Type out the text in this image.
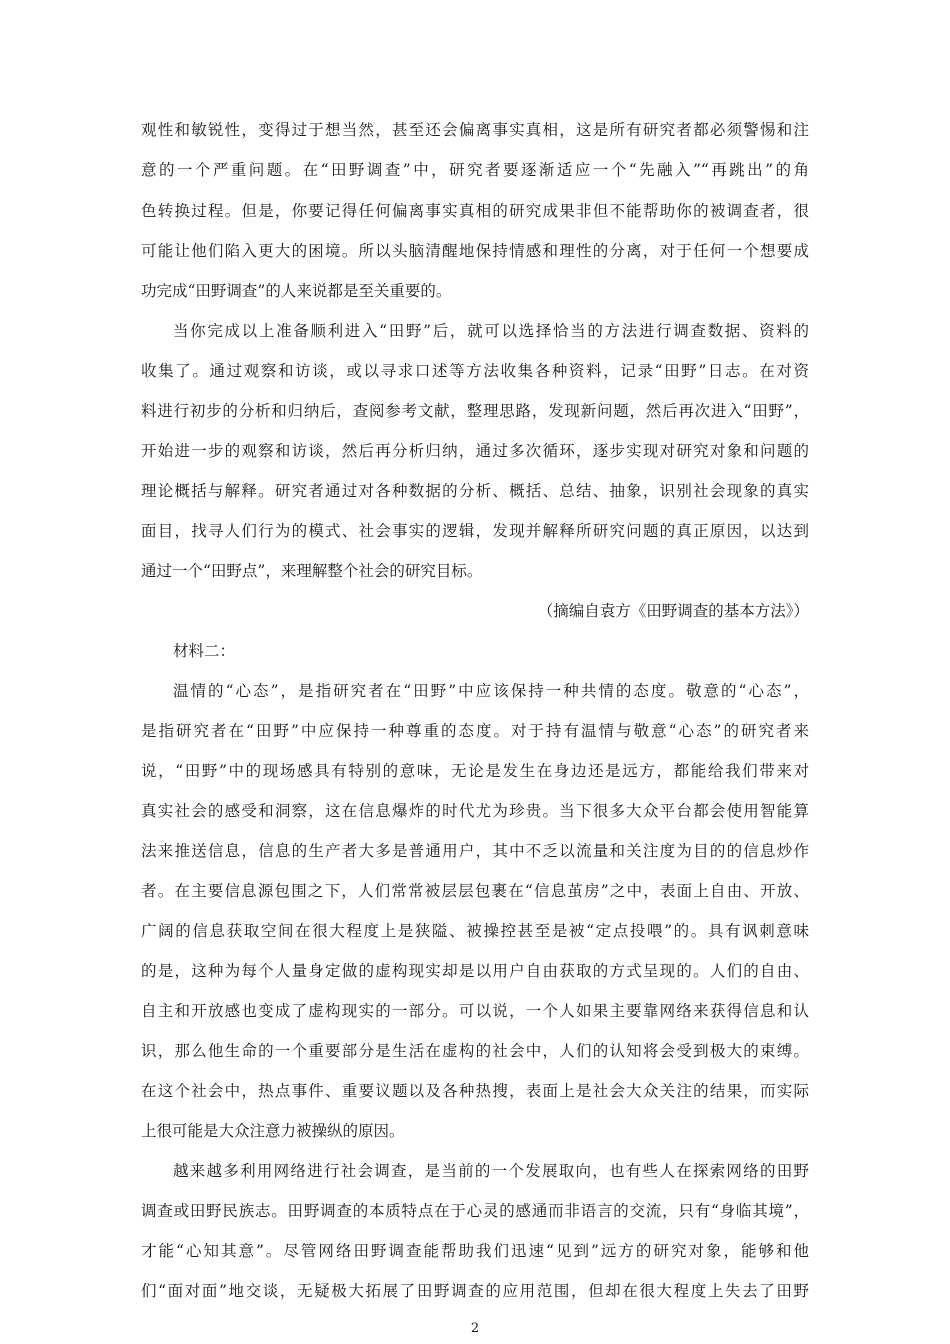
观性和敏锐性，变得过于想当然，甚至还会偏离事实真相，这是所有研究者都必须警惕和注
意的一个严重问题。在“田野调查”中，研究者要逐渐适应一个“先融入”“再跳出”的角
色转换过程。但是，你要记得任何偏离事实真相的研究成果非但不能帮助你的被调查者，很
可能让他们陷入更大的困境。所以头脑清醒地保持情感和理性的分离，对于任何一个想要成
功完成“田野调查”的人来说都是至关重要的。
当你完成以上准备顺利进入“田野”后，就可以选择恰当的方法进行调查数据、资料的
收集了。通过观察和访谈，或以寻求口述等方法收集各种资料，记录“田野”日志。在对资
料进行初步的分析和归纳后，查阅参考文献，整理思路，发现新问题，然后再次进入“田野”，
开始进一步的观察和访谈，然后再分析归纳，通过多次循环，逐步实现对研究对象和问题的
理论概括与解释。研究者通过对各种数据的分析、概括、总结、抽象，识别社会现象的真实
面目，找寻人们行为的模式、社会事实的逻辑，发现并解释所研究问题的真正原因，以达到
通过一个“田野点”，来理解整个社会的研究目标。
（摘编自袁方《田野调查的基本方法》）
材料二：
温情的“心态”，是指研究者在“田野”中应该保持一种共情的态度。敬意的“心态”，
是指研究者在“田野”中应保持一种尊重的态度。对于持有温情与敬意“心态”的研究者来
说，“田野”中的现场感具有特别的意味，无论是发生在身边还是远方，都能给我们带来对
真实社会的感受和洞察，这在信息爆炸的时代尤为珍贵。当下很多大众平台都会使用智能算
法来推送信息，信息的生产者大多是普通用户，其中不乏以流量和关注度为目的的信息炒作
者。在主要信息源包围之下，人们常常被层层包裹在“信息茧房”之中，表面上自由、开放、
广阔的信息获取空间在很大程度上是狭隘、被操控甚至是被“定点投喂”的。具有讽刺意味
的是，这种为每个人量身定做的虚构现实却是以用户自由获取的方式呈现的。人们的自由、
自主和开放感也变成了虚构现实的一部分。可以说，一个人如果主要靠网络来获得信息和认
识，那么他生命的一个重要部分是生活在虚构的社会中，人们的认知将会受到极大的束缚。
在这个社会中，热点事件、重要议题以及各种热搜，表面上是社会大众关注的结果，而实际
上很可能是大众注意力被操纵的原因。
越来越多利用网络进行社会调查，是当前的一个发展取向，也有些人在探索网络的田野
调查或田野民族志。田野调查的本质特点在于心灵的感通而非语言的交流，只有“身临其境”，
才能“心知其意”。尽管网络田野调查能帮助我们迅速“见到”远方的研究对象，能够和他
们“面对面”地交谈，无疑极大拓展了田野调查的应用范围，但却在很大程度上失去了田野
2
